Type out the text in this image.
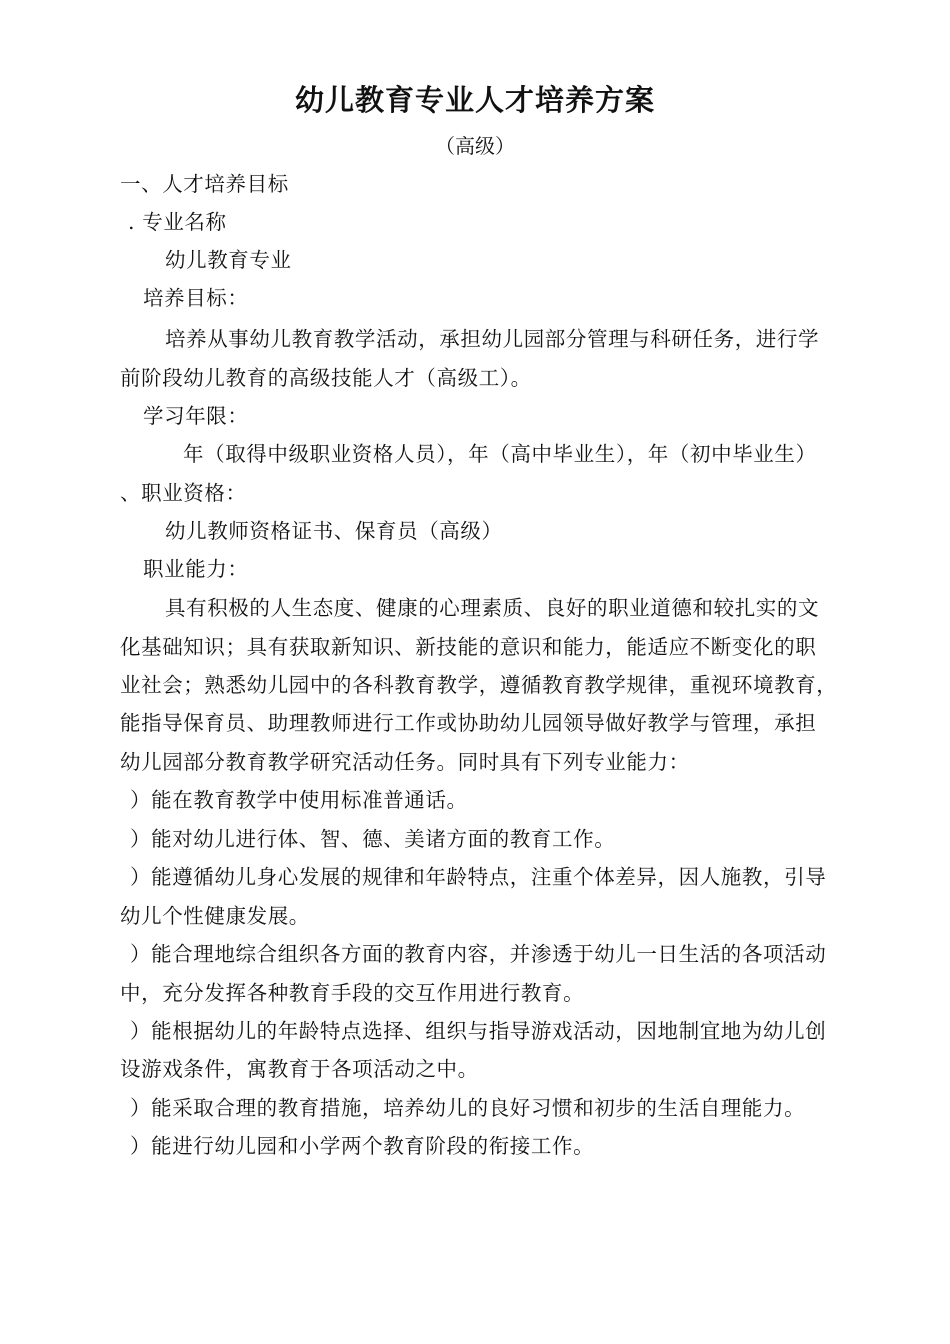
幼儿教育专业人才培养方案
（高级）
一、人才培养目标
. 专业名称
幼儿教育专业
培养目标：
培养从事幼儿教育教学活动，承担幼儿园部分管理与科研任务，进行学
前阶段幼儿教育的高级技能人才（高级工）。
学习年限：
年（取得中级职业资格人员），年（高中毕业生），年（初中毕业生）
、职业资格：
幼儿教师资格证书、保育员（高级）
职业能力：
具有积极的人生态度、健康的心理素质、良好的职业道德和较扎实的文
化基础知识；具有获取新知识、新技能的意识和能力，能适应不断变化的职
业社会；熟悉幼儿园中的各科教育教学，遵循教育教学规律，重视环境教育，
能指导保育员、助理教师进行工作或协助幼儿园领导做好教学与管理，承担
幼儿园部分教育教学研究活动任务。同时具有下列专业能力：
）能在教育教学中使用标准普通话。
）能对幼儿进行体、智、德、美诸方面的教育工作。
）能遵循幼儿身心发展的规律和年龄特点，注重个体差异，因人施教，引导
幼儿个性健康发展。
）能合理地综合组织各方面的教育内容，并渗透于幼儿一日生活的各项活动
中，充分发挥各种教育手段的交互作用进行教育。
）能根据幼儿的年龄特点选择、组织与指导游戏活动，因地制宜地为幼儿创
设游戏条件，寓教育于各项活动之中。
）能采取合理的教育措施，培养幼儿的良好习惯和初步的生活自理能力。
）能进行幼儿园和小学两个教育阶段的衔接工作。
